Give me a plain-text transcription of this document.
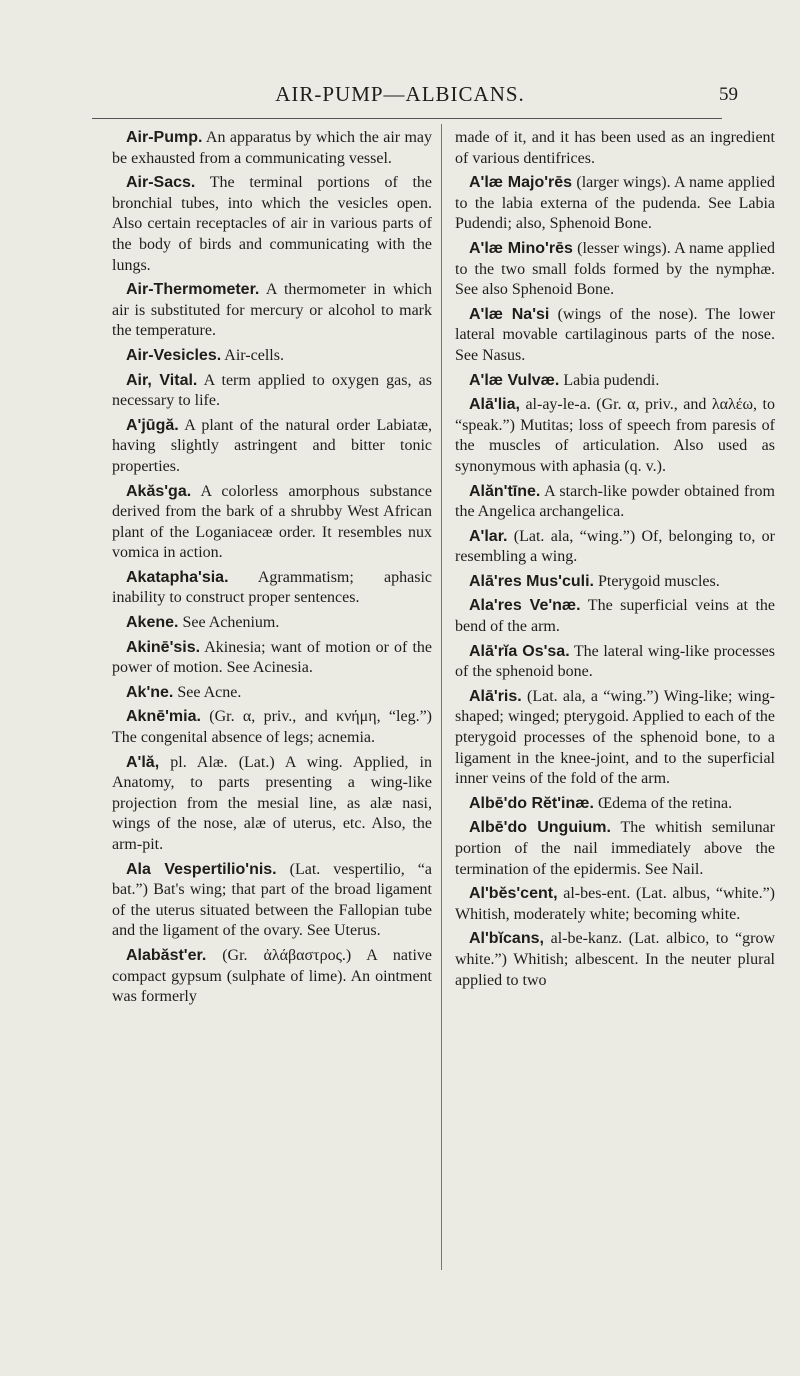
AIR-PUMP—ALBICANS.	59

Air-Pump. An apparatus by which the air may be exhausted from a communicating vessel.

Air-Sacs. The terminal portions of the bronchial tubes, into which the vesicles open. Also certain receptacles of air in various parts of the body of birds and communicating with the lungs.

Air-Thermometer. A thermometer in which air is substituted for mercury or alcohol to mark the temperature.

Air-Vesicles. Air-cells.

Air, Vital. A term applied to oxygen gas, as necessary to life.

A'jūgă. A plant of the natural order Labiatæ, having slightly astringent and bitter tonic properties.

Akăs'ga. A colorless amorphous substance derived from the bark of a shrubby West African plant of the Loganiaceæ order. It resembles nux vomica in action.

Akatapha'sia. Agrammatism; aphasic inability to construct proper sentences.

Akene. See Achenium.

Akinē'sis. Akinesia; want of motion or of the power of motion. See Acinesia.

Ak'ne. See Acne.

Aknē'mia. (Gr. α, priv., and κνήμη, “leg.”) The congenital absence of legs; acnemia.

A'lă, pl. Alæ. (Lat.) A wing. Applied, in Anatomy, to parts presenting a wing-like projection from the mesial line, as alæ nasi, wings of the nose, alæ of uterus, etc. Also, the arm-pit.

Ala Vespertilio'nis. (Lat. vespertilio, “a bat.”) Bat's wing; that part of the broad ligament of the uterus situated between the Fallopian tube and the ligament of the ovary. See Uterus.

Alabăst'er. (Gr. ἀλάβαστρος.) A native compact gypsum (sulphate of lime). An ointment was formerly

made of it, and it has been used as an ingredient of various dentifrices.

A'læ Majo'rēs (larger wings). A name applied to the labia externa of the pudenda. See Labia Pudendi; also, Sphenoid Bone.

A'læ Mino'rēs (lesser wings). A name applied to the two small folds formed by the nymphæ. See also Sphenoid Bone.

A'læ Na'si (wings of the nose). The lower lateral movable cartilaginous parts of the nose. See Nasus.

A'læ Vulvæ. Labia pudendi.

Alā'lia, al-ay-le-a. (Gr. α, priv., and λαλέω, to “speak.”) Mutitas; loss of speech from paresis of the muscles of articulation. Also used as synonymous with aphasia (q. v.).

Alăn'tīne. A starch-like powder obtained from the Angelica archangelica.

A'lar. (Lat. ala, “wing.”) Of, belonging to, or resembling a wing.

Alā'res Mus'culi. Pterygoid muscles.

Ala'res Ve'næ. The superficial veins at the bend of the arm.

Alā'rĭa Os'sa. The lateral wing-like processes of the sphenoid bone.

Alā'ris. (Lat. ala, a “wing.”) Wing-like; wing-shaped; winged; pterygoid. Applied to each of the pterygoid processes of the sphenoid bone, to a ligament in the knee-joint, and to the superficial inner veins of the fold of the arm.

Albē'do Rĕt'inæ. Œdema of the retina.

Albē'do Unguium. The whitish semilunar portion of the nail immediately above the termination of the epidermis. See Nail.

Al'bĕs'cent, al-bes-ent. (Lat. albus, “white.”) Whitish, moderately white; becoming white.

Al'bĭcans, al-be-kanz. (Lat. albico, to “grow white.”) Whitish; albescent. In the neuter plural applied to two
